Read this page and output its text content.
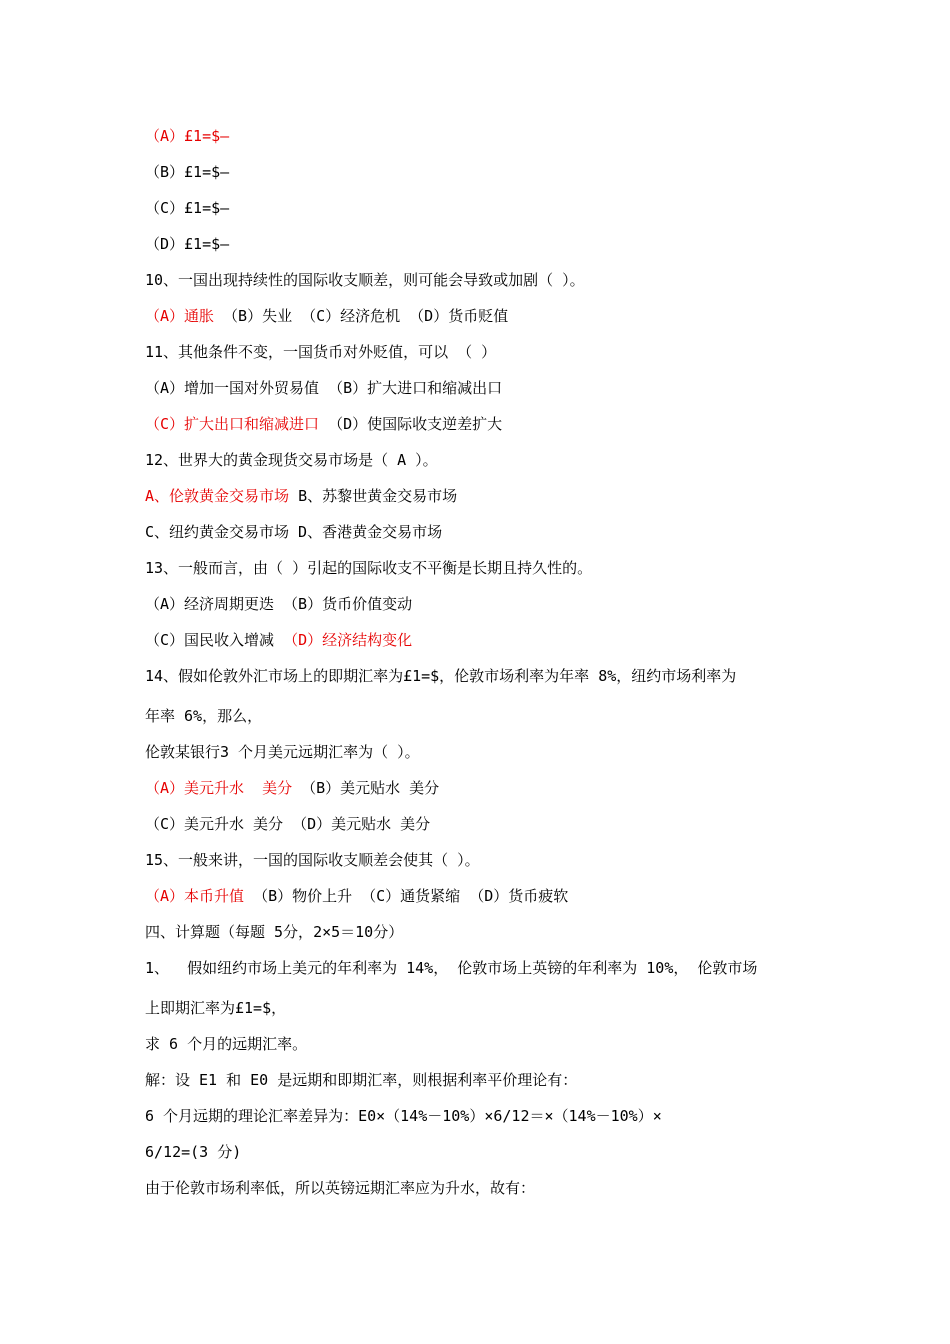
（A）£1=$—
（B）£1=$—
（C）£1=$—
（D）£1=$—
10、一国出现持续性的国际收支顺差，则可能会导致或加剧（ ）。
（A）通胀 （B）失业 （C）经济危机 （D）货币贬值
11、其他条件不变，一国货币对外贬值，可以 （ ）
（A）增加一国对外贸易值 （B）扩大进口和缩减出口
（C）扩大出口和缩减进口 （D）使国际收支逆差扩大
12、世界大的黄金现货交易市场是（ A ）。
A、伦敦黄金交易市场 B、苏黎世黄金交易市场
C、纽约黄金交易市场 D、香港黄金交易市场
13、一般而言，由（ ）引起的国际收支不平衡是长期且持久性的。
（A）经济周期更迭 （B）货币价值变动
（C）国民收入增减 （D）经济结构变化
14、假如伦敦外汇市场上的即期汇率为£1=$，伦敦市场利率为年率 8%，纽约市场利率为
年率 6%，那么，
伦敦某银行3 个月美元远期汇率为（ ）。
（A）美元升水  美分 （B）美元贴水 美分
（C）美元升水 美分 （D）美元贴水 美分
15、一般来讲，一国的国际收支顺差会使其（ ）。
（A）本币升值 （B）物价上升 （C）通货紧缩 （D）货币疲软
四、计算题（每题 5分，2×5＝10分）
1、  假如纽约市场上美元的年利率为 14%， 伦敦市场上英镑的年利率为 10%， 伦敦市场
上即期汇率为£1=$，
求 6 个月的远期汇率。
解：设 E1 和 E0 是远期和即期汇率，则根据利率平价理论有：
6 个月远期的理论汇率差异为：E0×（14%－10%）×6/12＝×（14%－10%）×
6/12=(3 分)
由于伦敦市场利率低，所以英镑远期汇率应为升水，故有：
